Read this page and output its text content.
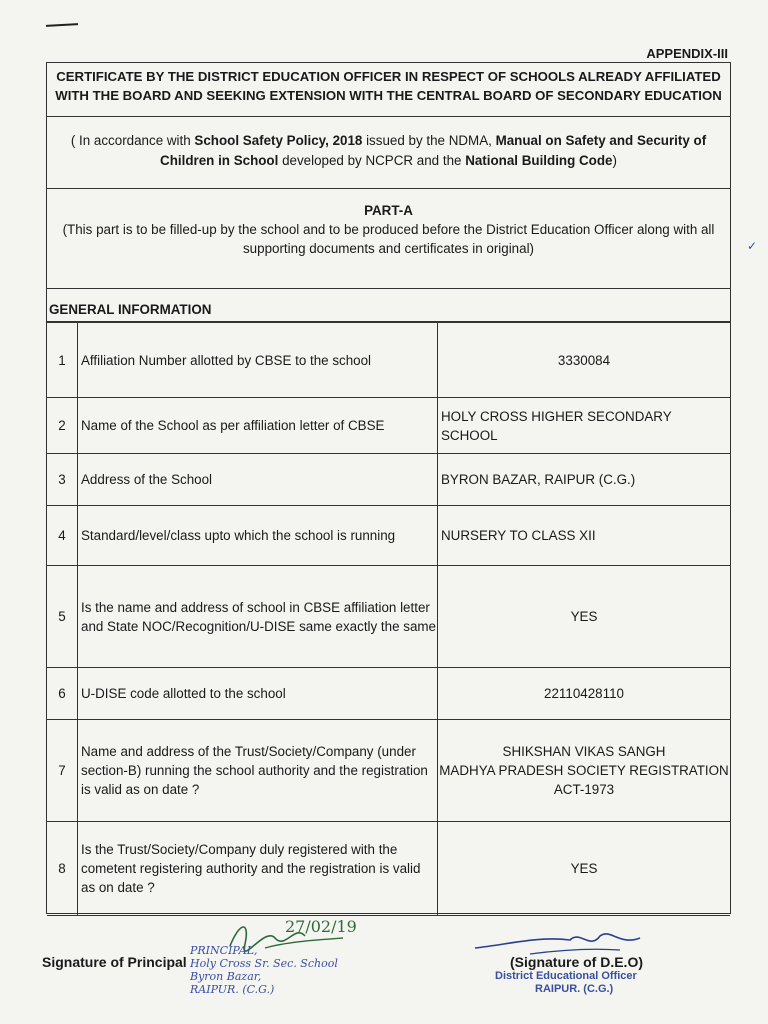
APPENDIX-III
CERTIFICATE BY THE DISTRICT EDUCATION OFFICER IN RESPECT OF SCHOOLS ALREADY AFFILIATED
WITH THE BOARD AND SEEKING EXTENSION WITH THE CENTRAL BOARD OF SECONDARY EDUCATION
( In accordance with School Safety Policy, 2018 issued by the NDMA, Manual on Safety and Security of Children in School developed by NCPCR and the National Building Code)
✓
PART-A
(This part is to be filled-up by the school and to be produced before the District Education Officer along with all supporting documents and certificates in original)
GENERAL INFORMATION
1	Affiliation Number allotted by CBSE to the school	3330084
2	Name of the School as per affiliation letter of CBSE	HOLY CROSS HIGHER SECONDARY SCHOOL
3	Address of the School	BYRON BAZAR, RAIPUR (C.G.)
4	Standard/level/class upto which the school is running	NURSERY TO CLASS XII
5	Is the name and address of school in CBSE affiliation letter and State NOC/Recognition/U-DISE same exactly the same	YES
6	U-DISE code allotted to the school	22110428110
7	Name and address of the Trust/Society/Company (under section-B) running the school authority and the registration is valid as on date ?	SHIKSHAN VIKAS SANGH
MADHYA PRADESH SOCIETY REGISTRATION
ACT-1973

8	Is the Trust/Society/Company duly registered with the cometent registering authority and the registration is valid as on date ?	YES
27/02/19
Signature of Principal
PRINCIPAL,
Holy Cross Sr. Sec. School
Byron Bazar,
RAIPUR. (C.G.)
(Signature of D.E.O)
District Educational Officer
RAIPUR. (C.G.)
